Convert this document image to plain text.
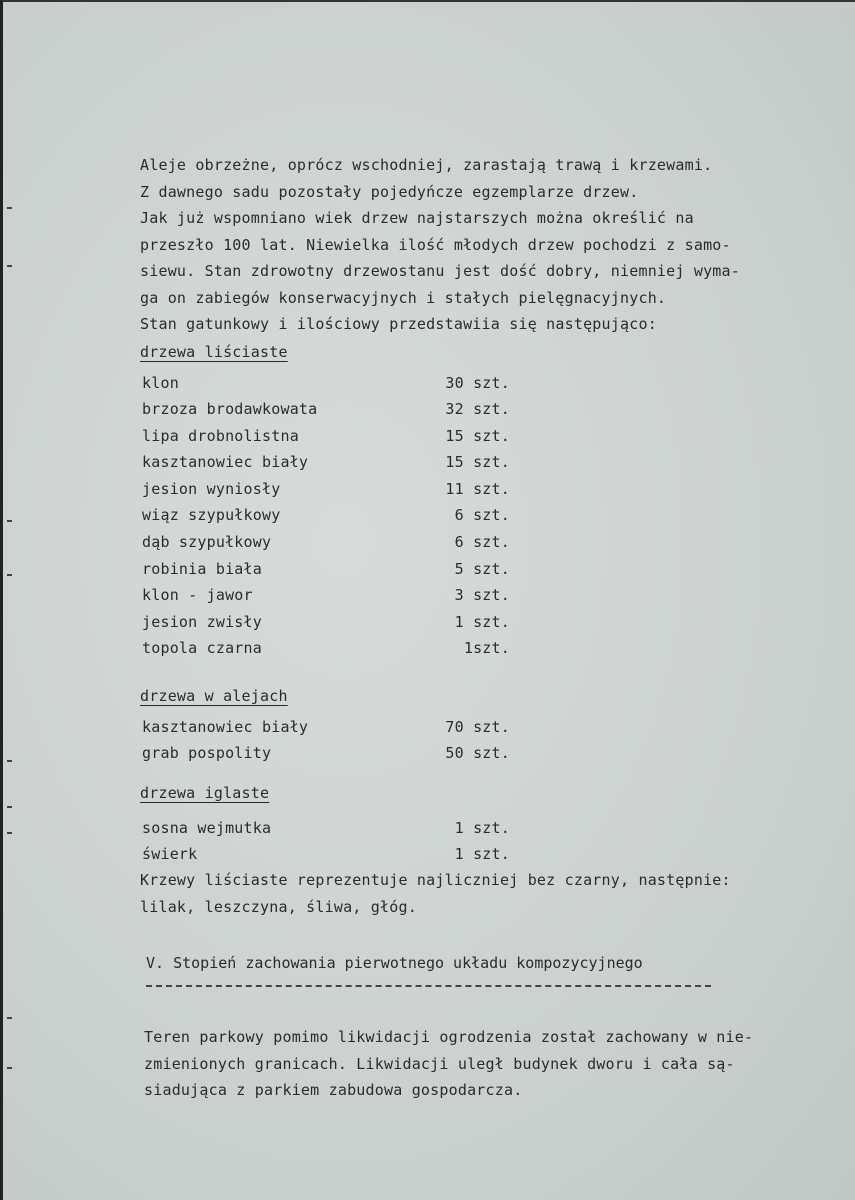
Aleje obrzeżne, oprócz wschodniej, zarastają trawą i krzewami.
Z dawnego sadu pozostały pojedyńcze egzemplarze drzew.
Jak już wspomniano wiek drzew najstarszych można określić na
przeszło 100 lat. Niewielka ilość młodych drzew pochodzi z samo-
siewu. Stan zdrowotny drzewostanu jest dość dobry, niemniej wyma-
ga on zabiegów konserwacyjnych i stałych pielęgnacyjnych.
Stan gatunkowy i ilościowy przedstawiia się następująco:
drzewa liściaste
klon	30 szt.
brzoza brodawkowata	32 szt.
lipa drobnolistna	15 szt.
kasztanowiec biały	15 szt.
jesion wyniosły	11 szt.
wiąz szypułkowy	6 szt.
dąb szypułkowy	6 szt.
robinia biała	5 szt.
klon - jawor	3 szt.
jesion zwisły	1 szt.
topola czarna	1szt.
drzewa w alejach
kasztanowiec biały	70 szt.
grab pospolity	50 szt.
drzewa iglaste
sosna wejmutka	1 szt.
świerk	1 szt.
Krzewy liściaste reprezentuje najliczniej bez czarny, następnie:
lilak, leszczyna, śliwa, głóg.
V. Stopień zachowania pierwotnego układu kompozycyjnego
Teren parkowy pomimo likwidacji ogrodzenia został zachowany w nie-
zmienionych granicach. Likwidacji uległ budynek dworu i cała są-
siadująca z parkiem zabudowa gospodarcza.
